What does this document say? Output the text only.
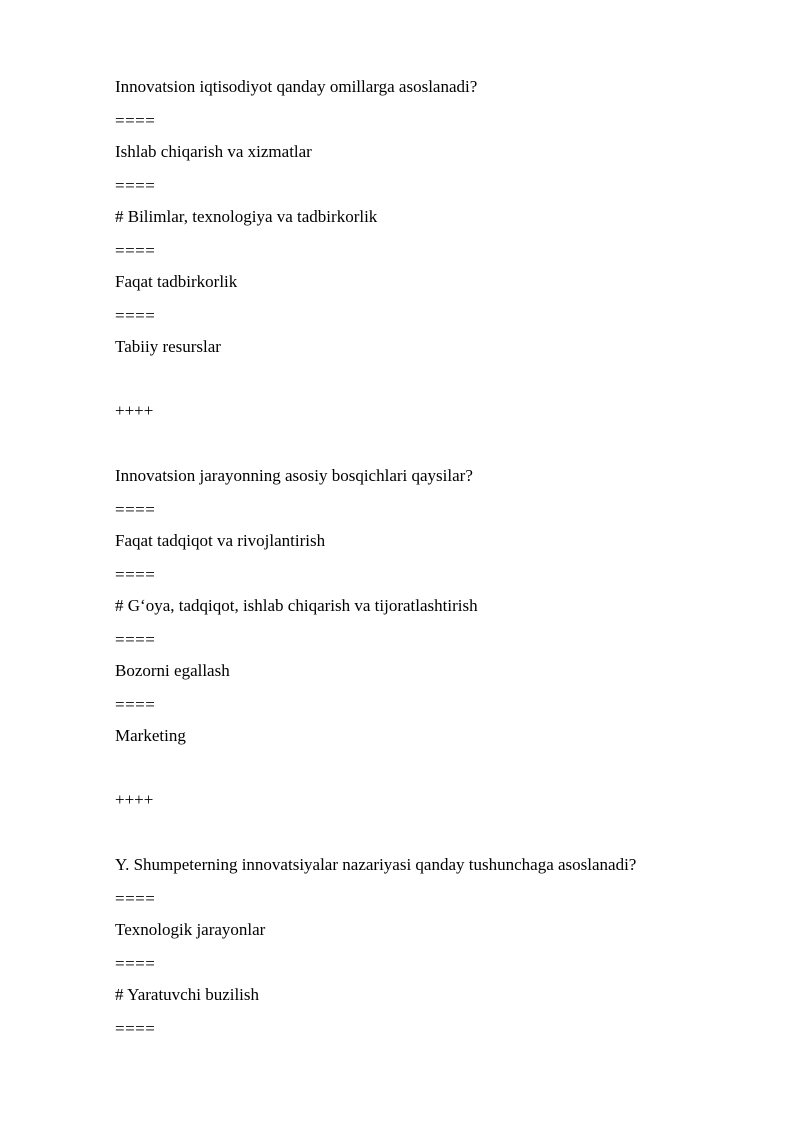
Innovatsion iqtisodiyot qanday omillarga asoslanadi?
====
Ishlab chiqarish va xizmatlar
====
# Bilimlar, texnologiya va tadbirkorlik
====
Faqat tadbirkorlik
====
Tabiiy resurslar
++++
Innovatsion jarayonning asosiy bosqichlari qaysilar?
====
Faqat tadqiqot va rivojlantirish
====
# G‘oya, tadqiqot, ishlab chiqarish va tijoratlashtirish
====
Bozorni egallash
====
Marketing
++++
Y. Shumpeterning innovatsiyalar nazariyasi qanday tushunchaga asoslanadi?
====
Texnologik jarayonlar
====
# Yaratuvchi buzilish
====
